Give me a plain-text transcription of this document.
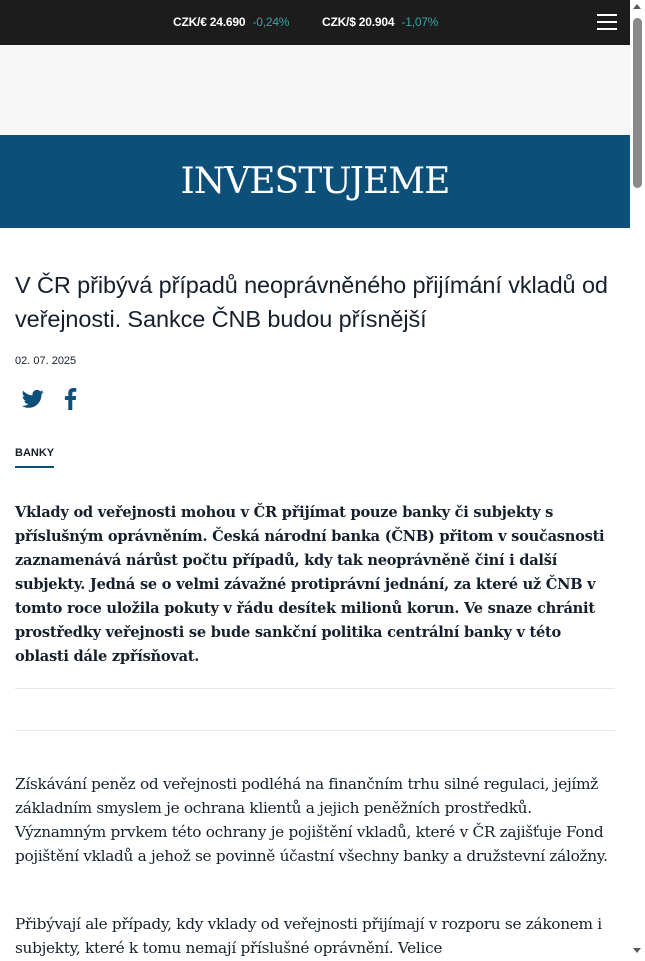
CZK/€ 24.690 -0,24%	CZK/$ 20.904 -1,07%
INVESTUJEME
V ČR přibývá případů neoprávněného přijímání vkladů od veřejnosti. Sankce ČNB budou přísnější
02. 07. 2025
BANKY

Vklady od veřejnosti mohou v ČR přijímat pouze banky či subjekty s příslušným oprávněním. Česká národní banka (ČNB) přitom v současnosti zaznamenává nárůst počtu případů, kdy tak neoprávněně činí i další subjekty. Jedná se o velmi závažné protiprávní jednání, za které už ČNB v tomto roce uložila pokuty v řádu desítek milionů korun. Ve snaze chránit prostředky veřejnosti se bude sankční politika centrální banky v této oblasti dále zpřísňovat.

Získávání peněz od veřejnosti podléhá na finančním trhu silné regulaci, jejímž základním smyslem je ochrana klientů a jejich peněžních prostředků. Významným prvkem této ochrany je pojištění vkladů, které v ČR zajišťuje Fond pojištění vkladů a jehož se povinně účastní všechny banky a družstevní záložny.

Přibývají ale případy, kdy vklady od veřejnosti přijímají v rozporu se zákonem i subjekty, které k tomu nemají příslušné oprávnění. Velice
